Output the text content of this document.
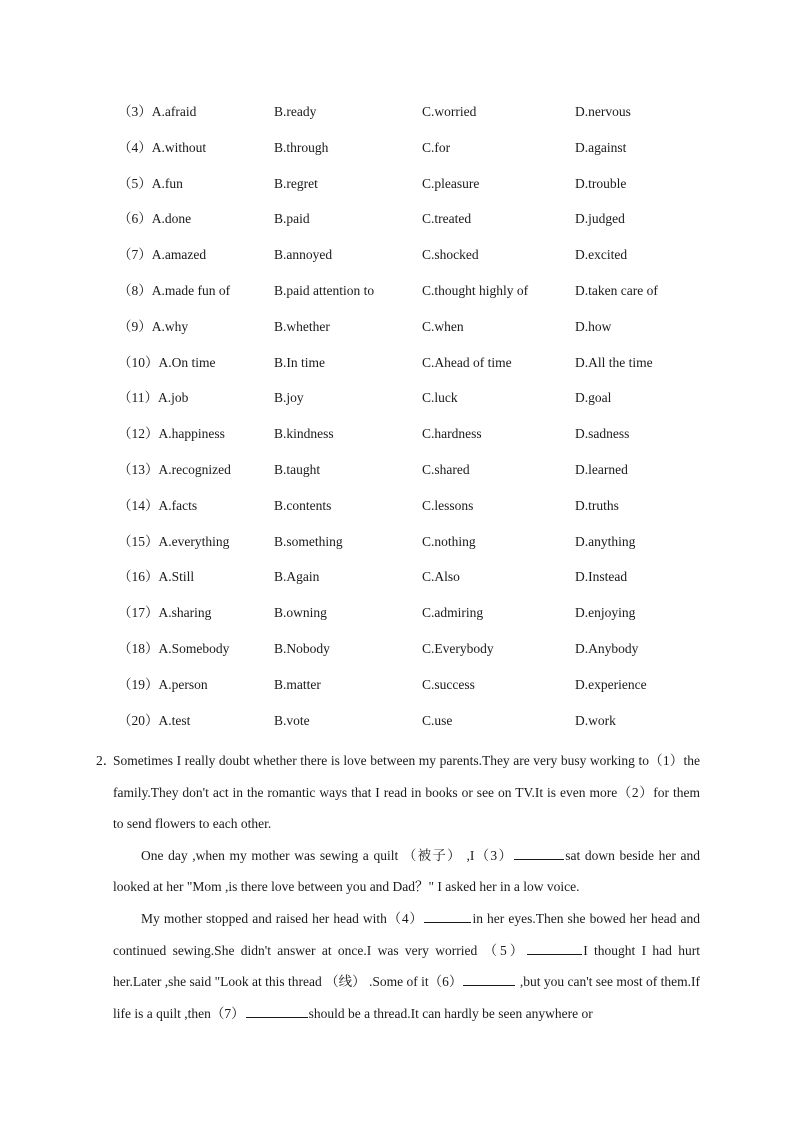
（3）A.afraid	B.ready	C.worried	D.nervous
（4）A.without	B.through	C.for	D.against
（5）A.fun	B.regret	C.pleasure	D.trouble
（6）A.done	B.paid	C.treated	D.judged
（7）A.amazed	B.annoyed	C.shocked	D.excited
（8）A.made fun of	B.paid attention to	C.thought highly of	D.taken care of
（9）A.why	B.whether	C.when	D.how
（10）A.On time	B.In time	C.Ahead of time	D.All the time
（11）A.job	B.joy	C.luck	D.goal
（12）A.happiness	B.kindness	C.hardness	D.sadness
（13）A.recognized	B.taught	C.shared	D.learned
（14）A.facts	B.contents	C.lessons	D.truths
（15）A.everything	B.something	C.nothing	D.anything
（16）A.Still	B.Again	C.Also	D.Instead
（17）A.sharing	B.owning	C.admiring	D.enjoying
（18）A.Somebody	B.Nobody	C.Everybody	D.Anybody
（19）A.person	B.matter	C.success	D.experience
（20）A.test	B.vote	C.use	D.work
2．
Sometimes I really doubt whether there is love between my parents.They are very busy working to（1）the family.They don't act in the romantic ways that I read in books or see on TV.It is even more（2）for them to send flowers to each other.
One day ,when my mother was sewing a quilt （被子） ,I（3）	sat down beside her and looked at her "Mom ,is there love between you and Dad？" I asked her in a low voice.
My mother stopped and raised her head with（4）	in her eyes.Then she bowed her head and continued sewing.She didn't answer at once.I was very worried （5）	I thought I had hurt her.Later ,she said "Look at this thread （线） .Some of it（6）	,but you can't see most of them.If life is a quilt ,then（7）	should be a thread.It can hardly be seen anywhere or
